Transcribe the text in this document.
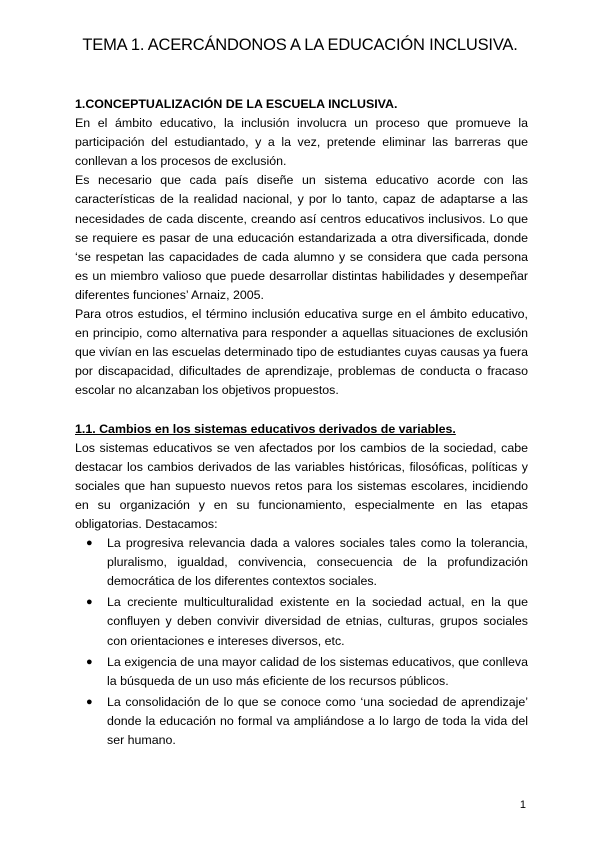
TEMA 1. ACERCÁNDONOS A LA EDUCACIÓN INCLUSIVA.

1.CONCEPTUALIZACIÓN DE LA ESCUELA INCLUSIVA.

En el ámbito educativo, la inclusión involucra un proceso que promueve la participación del estudiantado, y a la vez, pretende eliminar las barreras que conllevan a los procesos de exclusión.

Es necesario que cada país diseñe un sistema educativo acorde con las características de la realidad nacional, y por lo tanto, capaz de adaptarse a las necesidades de cada discente, creando así centros educativos inclusivos. Lo que se requiere es pasar de una educación estandarizada a otra diversificada, donde ‘se respetan las capacidades de cada alumno y se considera que cada persona es un miembro valioso que puede desarrollar distintas habilidades y desempeñar diferentes funciones’ Arnaiz, 2005.

Para otros estudios, el término inclusión educativa surge en el ámbito educativo, en principio, como alternativa para responder a aquellas situaciones de exclusión que vivían en las escuelas determinado tipo de estudiantes cuyas causas ya fuera por discapacidad, dificultades de aprendizaje, problemas de conducta o fracaso escolar no alcanzaban los objetivos propuestos.

1.1. Cambios en los sistemas educativos derivados de variables.

Los sistemas educativos se ven afectados por los cambios de la sociedad, cabe destacar los cambios derivados de las variables históricas, filosóficas, políticas y sociales que han supuesto nuevos retos para los sistemas escolares, incidiendo en su organización y en su funcionamiento, especialmente en las etapas obligatorias. Destacamos:

● La progresiva relevancia dada a valores sociales tales como la tolerancia, pluralismo, igualdad, convivencia, consecuencia de la profundización democrática de los diferentes contextos sociales.
● La creciente multiculturalidad existente en la sociedad actual, en la que confluyen y deben convivir diversidad de etnias, culturas, grupos sociales con orientaciones e intereses diversos, etc.
● La exigencia de una mayor calidad de los sistemas educativos, que conlleva la búsqueda de un uso más eficiente de los recursos públicos.
● La consolidación de lo que se conoce como ‘una sociedad de aprendizaje’ donde la educación no formal va ampliándose a lo largo de toda la vida del ser humano.
1
